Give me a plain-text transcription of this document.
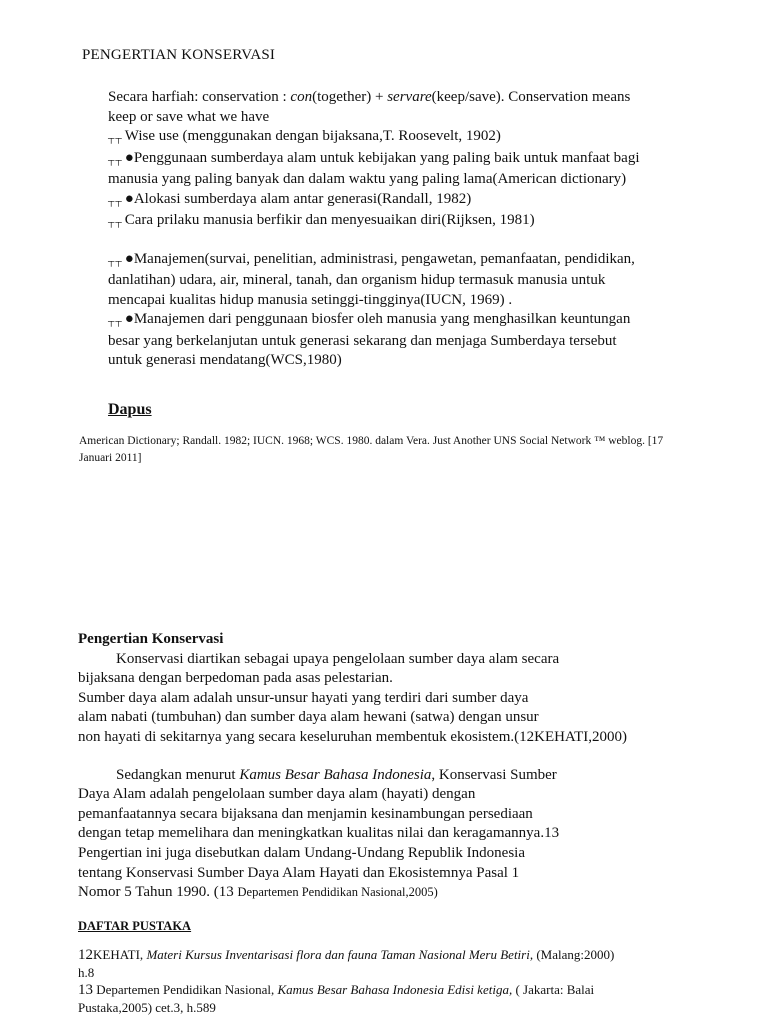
PENGERTIAN KONSERVASI
Secara harfiah: conservation : con(together) + servare(keep/save). Conservation means
keep or save what we have
┬┬ Wise use (menggunakan dengan bijaksana,T. Roosevelt, 1902)
┬┬ ●Penggunaan sumberdaya alam untuk kebijakan yang paling baik untuk manfaat bagi
manusia yang paling banyak dan dalam waktu yang paling lama(American dictionary)
┬┬ ●Alokasi sumberdaya alam antar generasi(Randall, 1982)
┬┬ Cara prilaku manusia berfikir dan menyesuaikan diri(Rijksen, 1981)
┬┬ ●Manajemen(survai, penelitian, administrasi, pengawetan, pemanfaatan, pendidikan,
danlatihan) udara, air, mineral, tanah, dan organism hidup termasuk manusia untuk
mencapai kualitas hidup manusia setinggi-tingginya(IUCN, 1969) .
┬┬ ●Manajemen dari penggunaan biosfer oleh manusia yang menghasilkan keuntungan
besar yang berkelanjutan untuk generasi sekarang dan menjaga Sumberdaya tersebut
untuk generasi mendatang(WCS,1980)
Dapus
American Dictionary; Randall. 1982; IUCN. 1968; WCS. 1980. dalam Vera. Just Another UNS Social Network ™ weblog. [17
Januari 2011]
Pengertian Konservasi
Konservasi diartikan sebagai upaya pengelolaan sumber daya alam secara
bijaksana dengan berpedoman pada asas pelestarian.
Sumber daya alam adalah unsur-unsur hayati yang terdiri dari sumber daya
alam nabati (tumbuhan) dan sumber daya alam hewani (satwa) dengan unsur
non hayati di sekitarnya yang secara keseluruhan membentuk ekosistem.(12KEHATI,2000)
Sedangkan menurut Kamus Besar Bahasa Indonesia, Konservasi Sumber
Daya Alam adalah pengelolaan sumber daya alam (hayati) dengan
pemanfaatannya secara bijaksana dan menjamin kesinambungan persediaan
dengan tetap memelihara dan meningkatkan kualitas nilai dan keragamannya.13
Pengertian ini juga disebutkan dalam Undang-Undang Republik Indonesia
tentang Konservasi Sumber Daya Alam Hayati dan Ekosistemnya Pasal 1
Nomor 5 Tahun 1990. (13 Departemen Pendidikan Nasional,2005)
DAFTAR PUSTAKA
12KEHATI, Materi Kursus Inventarisasi flora dan fauna Taman Nasional Meru Betiri, (Malang:2000)
h.8
13 Departemen Pendidikan Nasional, Kamus Besar Bahasa Indonesia Edisi ketiga, ( Jakarta: Balai
Pustaka,2005) cet.3, h.589
